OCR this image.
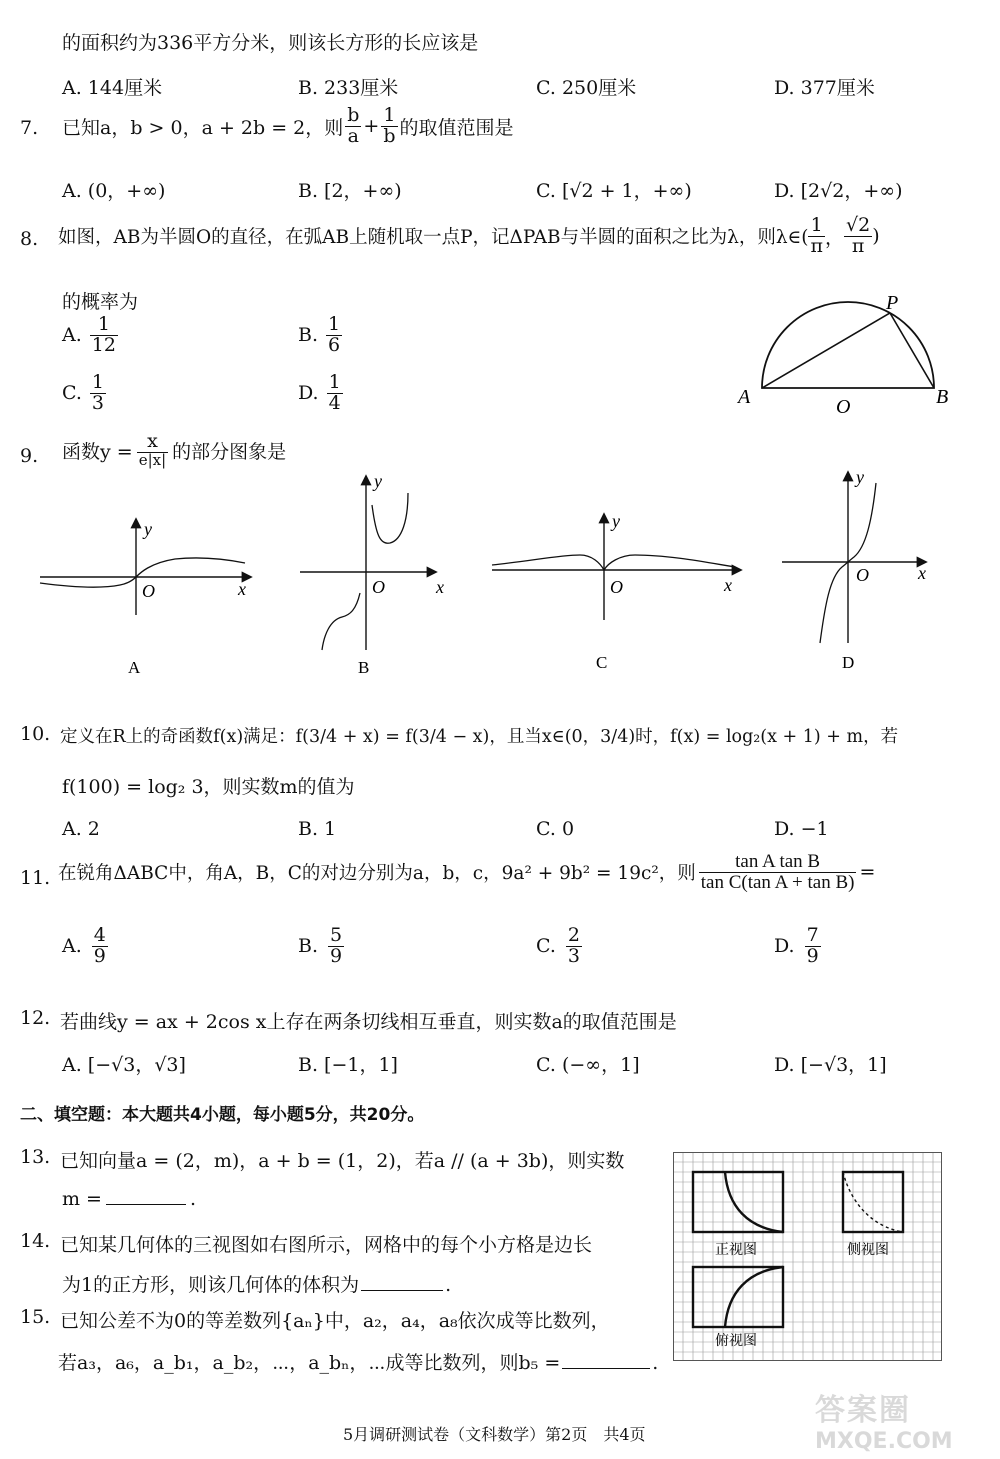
的面积约为336平方分米，则该长方形的长应该是
A. 144厘米	B. 233厘米	C. 250厘米	D. 377厘米
7. 已知a，b > 0，a + 2b = 2，则 $\frac{b}{a} + \frac{1}{b}$ 的取值范围是
A. (0，+∞)	B. [2，+∞)	C. [√2 + 1，+∞)	D. [2√2，+∞)
8. 如图，AB为半圆O的直径，在弧AB上随机取一点P，记ΔPAB与半圆的面积之比为λ，则λ∈( $\frac{1}{\pi}$ ， $\frac{√2}{\pi}$ )
的概率为
A. $\frac{1}{12}$	B. $\frac{1}{6}$
C. $\frac{1}{3}$	D. $\frac{1}{4}$
P
A	O	B
9. 函数$y = \frac{x}{e|x|}$ 的部分图象是
y
x
O
A
y
x
O
B
y
x
O
C
y
x
O
D
10. 定义在R上的奇函数f(x)满足：f(3/4 + x) = f(3/4 − x)，且当x∈(0，3/4)时，f(x) = log₂(x + 1) + m，若
f(100) = log₂ 3，则实数m的值为
A. 2	B. 1	C. 0	D. −1
11. 在锐角ΔABC中，角A，B，C的对边分别为a，b，c，9a² + 9b² = 19c²，则 $\frac{\text{tan A tan B}}{\text{tan C(tan A + tan B)}}$ =
A. $\frac{4}{9}$	B. $\frac{5}{9}$	C. $\frac{2}{3}$	D. $\frac{7}{9}$
12. 若曲线y = ax + 2cos x上存在两条切线相互垂直，则实数a的取值范围是
A. [−√3，√3]	B. [−1，1]	C. (−∞，1]	D. [−√3，1]
二、填空题：本大题共4小题，每小题5分，共20分。
13. 已知向量a = (2，m)，a + b = (1，2)，若a // (a + 3b)，则实数
m =	.
14. 已知某几何体的三视图如右图所示，网格中的每个小方格是边长
为1的正方形，则该几何体的体积为	.
15. 已知公差不为0的等差数列{aₙ}中，a₂，a₄，a₈依次成等比数列，
若a₃，a₆，a_b₁，a_b₂，⋯，a_bₙ，⋯成等比数列，则b₅ =	.
正视图	侧视图
俯视图
5月调研测试卷（文科数学）第2页　共4页
答案圈
MXQE.COM
